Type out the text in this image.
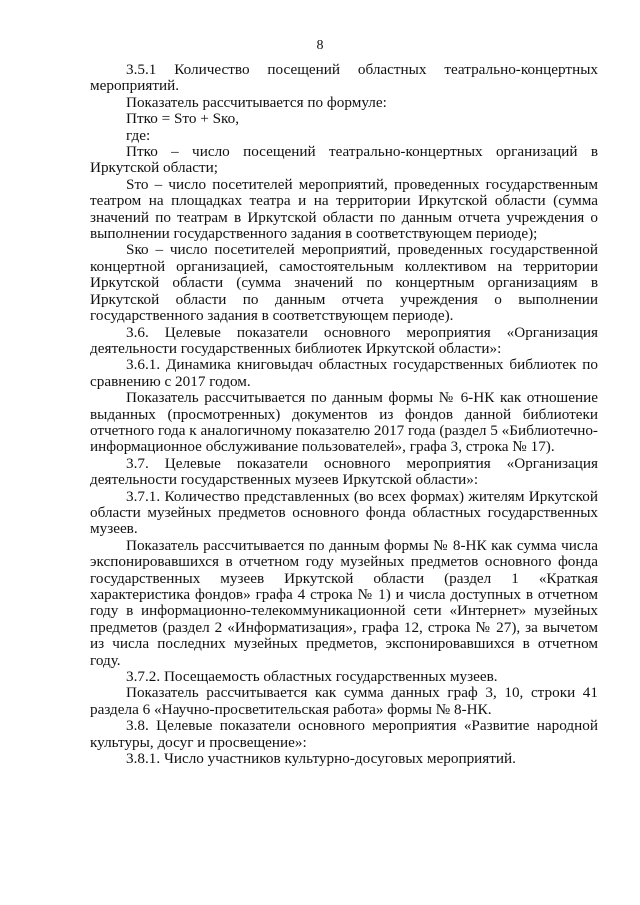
8

3.5.1 Количество посещений областных театрально-концертных мероприятий.

Показатель рассчитывается по формуле:

Птко = Sто + Sко,

где:

Птко – число посещений театрально-концертных организаций в Иркутской области;

Sто – число посетителей мероприятий, проведенных государственным театром на площадках театра и на территории Иркутской области (сумма значений по театрам в Иркутской области по данным отчета учреждения о выполнении государственного задания в соответствующем периоде);

Sко – число посетителей мероприятий, проведенных государственной концертной организацией, самостоятельным коллективом на территории Иркутской области (сумма значений по концертным организациям в Иркутской области по данным отчета учреждения о выполнении государственного задания в соответствующем периоде).

3.6. Целевые показатели основного мероприятия «Организация деятельности государственных библиотек Иркутской области»:

3.6.1. Динамика книговыдач областных государственных библиотек по сравнению с 2017 годом.

Показатель рассчитывается по данным формы № 6-НК как отношение выданных (просмотренных) документов из фондов данной библиотеки отчетного года к аналогичному показателю 2017 года (раздел 5 «Библиотечно-информационное обслуживание пользователей», графа 3, строка № 17).

3.7. Целевые показатели основного мероприятия «Организация деятельности государственных музеев Иркутской области»:

3.7.1. Количество представленных (во всех формах) жителям Иркутской области музейных предметов основного фонда областных государственных музеев.

Показатель рассчитывается по данным формы № 8-НК как сумма числа экспонировавшихся в отчетном году музейных предметов основного фонда государственных музеев Иркутской области (раздел 1 «Краткая характеристика фондов» графа 4 строка № 1) и числа доступных в отчетном году в информационно-телекоммуникационной сети «Интернет» музейных предметов (раздел 2 «Информатизация», графа 12, строка № 27), за вычетом из числа последних музейных предметов, экспонировавшихся в отчетном году.

3.7.2. Посещаемость областных государственных музеев.

Показатель рассчитывается как сумма данных граф 3, 10, строки 41 раздела 6 «Научно-просветительская работа» формы № 8-НК.

3.8. Целевые показатели основного мероприятия «Развитие народной культуры, досуг и просвещение»:

3.8.1. Число участников культурно-досуговых мероприятий.
